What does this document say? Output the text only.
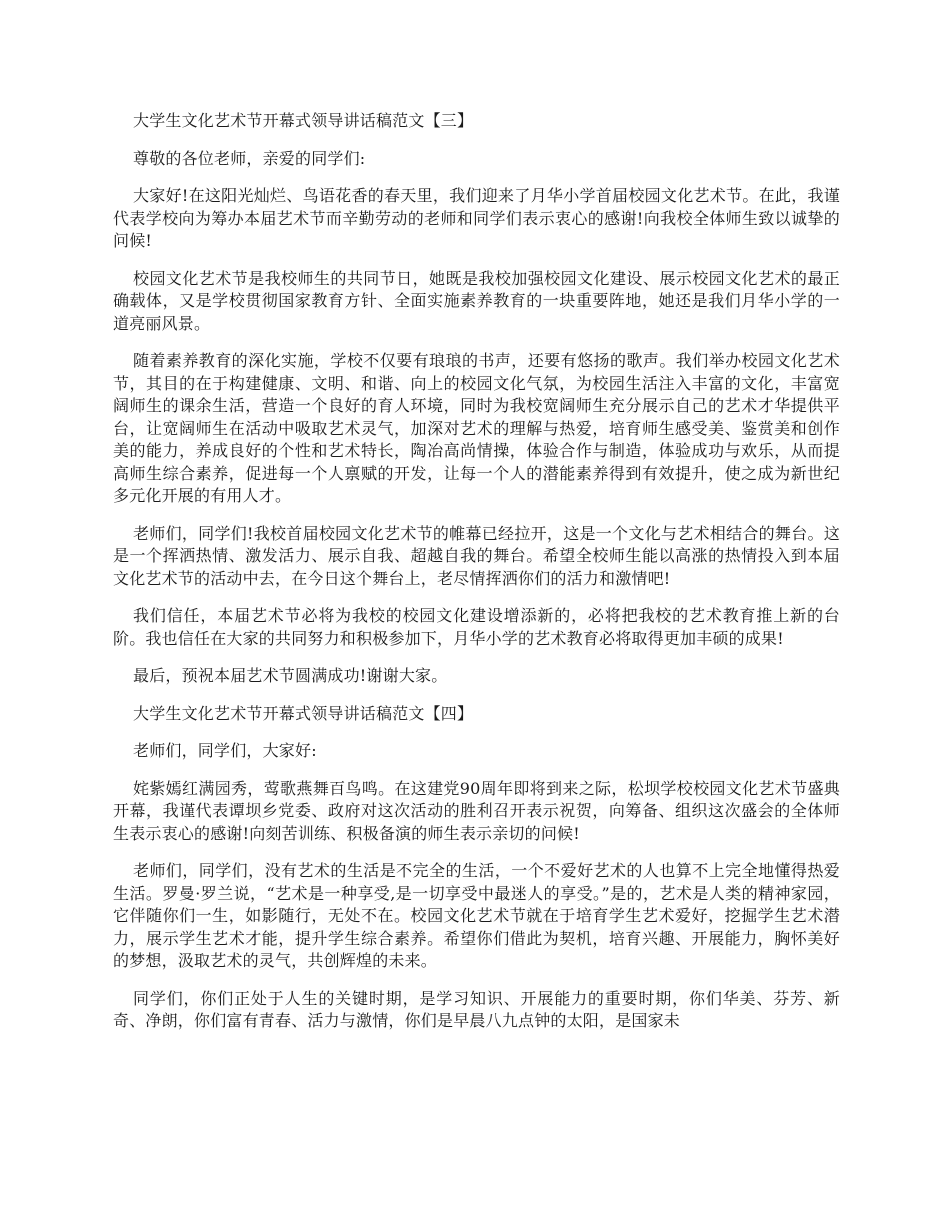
大学生文化艺术节开幕式领导讲话稿范文【三】

尊敬的各位老师，亲爱的同学们:

大家好!在这阳光灿烂、鸟语花香的春天里，我们迎来了月华小学首届校园文化艺术节。在此，我谨代表学校向为筹办本届艺术节而辛勤劳动的老师和同学们表示衷心的感谢!向我校全体师生致以诚挚的问候!

校园文化艺术节是我校师生的共同节日，她既是我校加强校园文化建设、展示校园文化艺术的最正确载体，又是学校贯彻国家教育方针、全面实施素养教育的一块重要阵地，她还是我们月华小学的一道亮丽风景。

随着素养教育的深化实施，学校不仅要有琅琅的书声，还要有悠扬的歌声。我们举办校园文化艺术节，其目的在于构建健康、文明、和谐、向上的校园文化气氛，为校园生活注入丰富的文化，丰富宽阔师生的课余生活，营造一个良好的育人环境，同时为我校宽阔师生充分展示自己的艺术才华提供平台，让宽阔师生在活动中吸取艺术灵气，加深对艺术的理解与热爱，培育师生感受美、鉴赏美和创作美的能力，养成良好的个性和艺术特长，陶冶高尚情操，体验合作与制造，体验成功与欢乐，从而提高师生综合素养，促进每一个人禀赋的开发，让每一个人的潜能素养得到有效提升，使之成为新世纪多元化开展的有用人才。

老师们，同学们!我校首届校园文化艺术节的帷幕已经拉开，这是一个文化与艺术相结合的舞台。这是一个挥洒热情、激发活力、展示自我、超越自我的舞台。希望全校师生能以高涨的热情投入到本届文化艺术节的活动中去，在今日这个舞台上，老尽情挥洒你们的活力和激情吧!

我们信任，本届艺术节必将为我校的校园文化建设增添新的，必将把我校的艺术教育推上新的台阶。我也信任在大家的共同努力和积极参加下，月华小学的艺术教育必将取得更加丰硕的成果!

最后，预祝本届艺术节圆满成功!谢谢大家。

大学生文化艺术节开幕式领导讲话稿范文【四】

老师们，同学们，大家好:

姹紫嫣红满园秀，莺歌燕舞百鸟鸣。在这建党90周年即将到来之际，松坝学校校园文化艺术节盛典开幕，我谨代表谭坝乡党委、政府对这次活动的胜利召开表示祝贺，向筹备、组织这次盛会的全体师生表示衷心的感谢!向刻苦训练、积极备演的师生表示亲切的问候!

老师们，同学们，没有艺术的生活是不完全的生活，一个不爱好艺术的人也算不上完全地懂得热爱生活。罗曼·罗兰说，“艺术是一种享受,是一切享受中最迷人的享受。”是的，艺术是人类的精神家园，它伴随你们一生，如影随行，无处不在。校园文化艺术节就在于培育学生艺术爱好，挖掘学生艺术潜力，展示学生艺术才能，提升学生综合素养。希望你们借此为契机，培育兴趣、开展能力，胸怀美好的梦想，汲取艺术的灵气，共创辉煌的未来。

同学们，你们正处于人生的关键时期，是学习知识、开展能力的重要时期，你们华美、芬芳、新奇、净朗，你们富有青春、活力与激情，你们是早晨八九点钟的太阳，是国家未
